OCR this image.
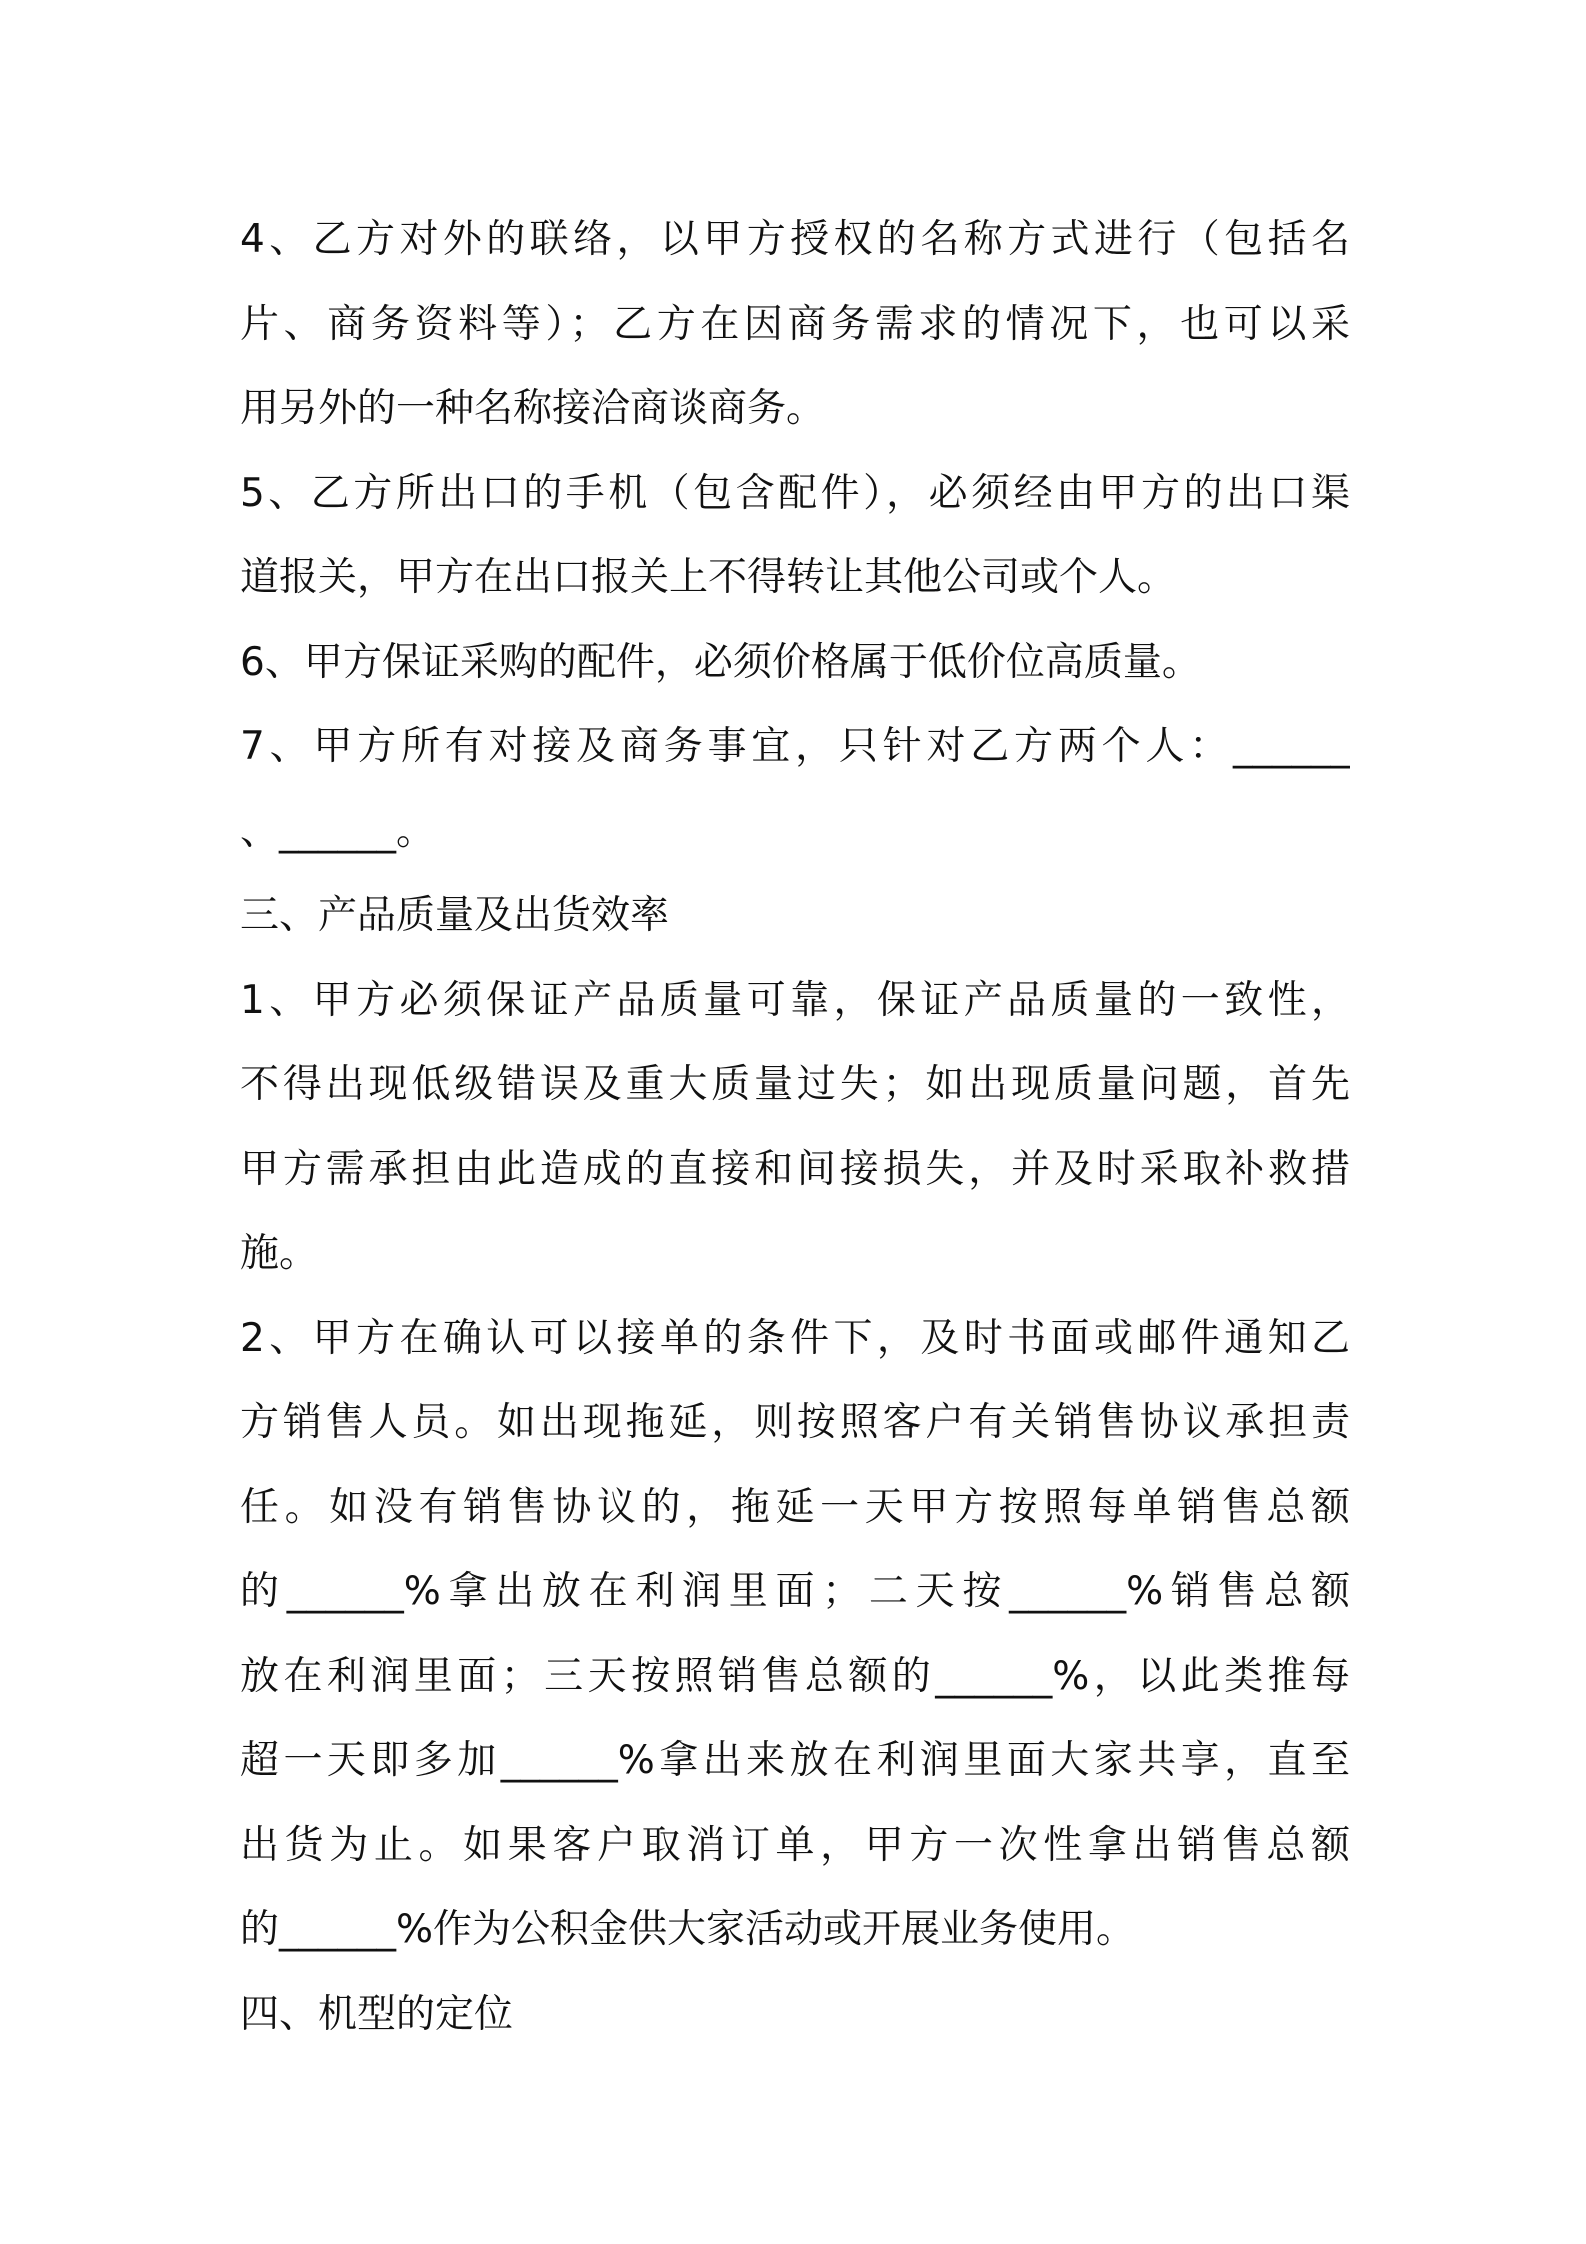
4、乙方对外的联络，以甲方授权的名称方式进行（包括名
片、商务资料等）；乙方在因商务需求的情况下，也可以采
用另外的一种名称接洽商谈商务。
5、乙方所出口的手机（包含配件），必须经由甲方的出口渠
道报关，甲方在出口报关上不得转让其他公司或个人。
6、甲方保证采购的配件，必须价格属于低价位高质量。
7、甲方所有对接及商务事宜，只针对乙方两个人：______
、______。
三、产品质量及出货效率
1、甲方必须保证产品质量可靠，保证产品质量的一致性，
不得出现低级错误及重大质量过失；如出现质量问题，首先
甲方需承担由此造成的直接和间接损失，并及时采取补救措
施。
2、甲方在确认可以接单的条件下，及时书面或邮件通知乙
方销售人员。如出现拖延，则按照客户有关销售协议承担责
任。如没有销售协议的，拖延一天甲方按照每单销售总额
的______%拿出放在利润里面；二天按______%销售总额
放在利润里面；三天按照销售总额的______%，以此类推每
超一天即多加______%拿出来放在利润里面大家共享，直至
出货为止。如果客户取消订单，甲方一次性拿出销售总额
的______%作为公积金供大家活动或开展业务使用。
四、机型的定位
